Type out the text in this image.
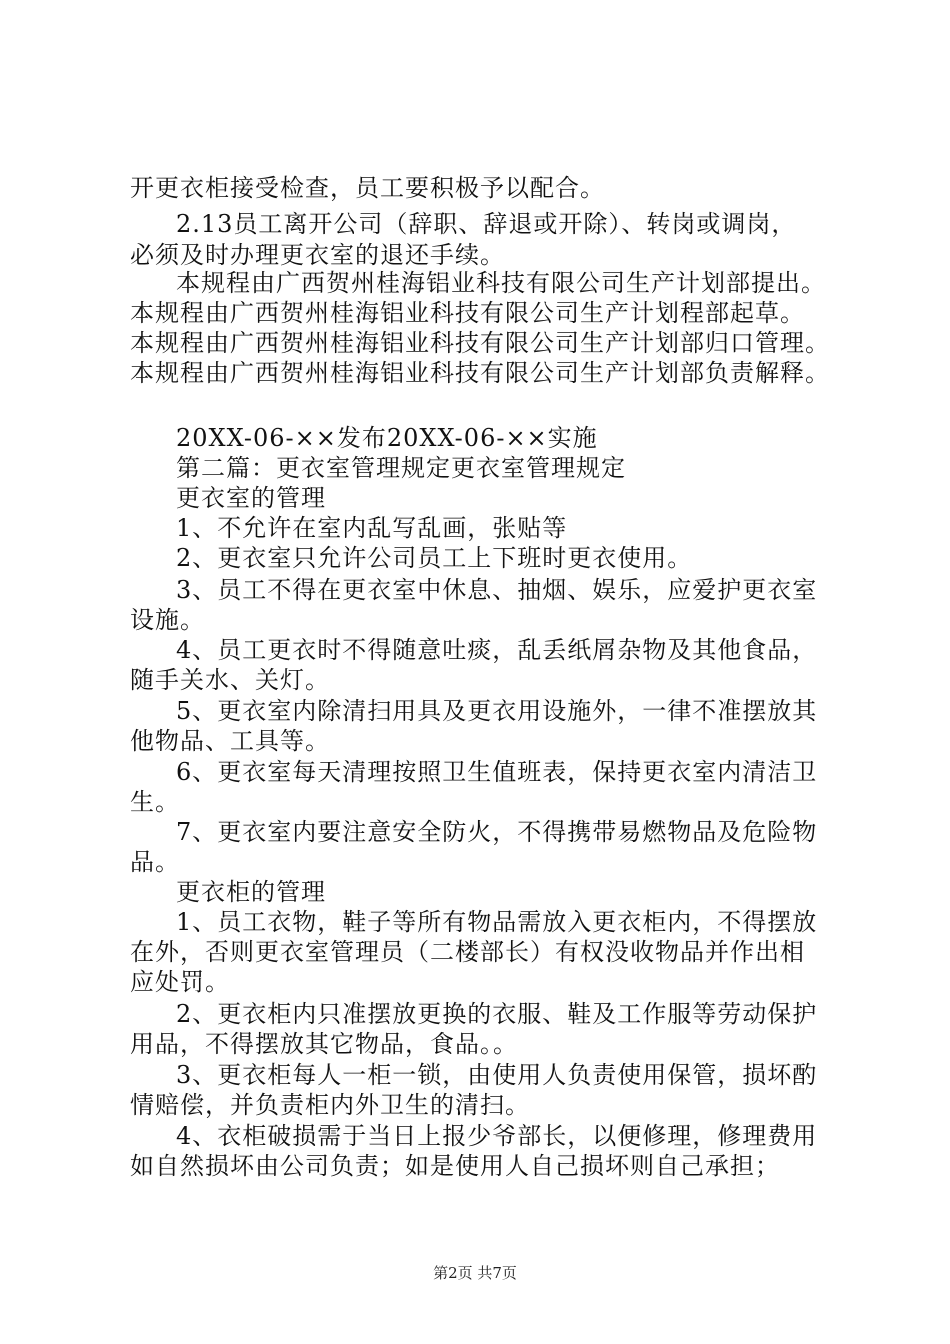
开更衣柜接受检查，员工要积极予以配合。
2.13员工离开公司（辞职、辞退或开除）、转岗或调岗，
必须及时办理更衣室的退还手续。
本规程由广西贺州桂海铝业科技有限公司生产计划部提出。
本规程由广西贺州桂海铝业科技有限公司生产计划程部起草。
本规程由广西贺州桂海铝业科技有限公司生产计划部归口管理。
本规程由广西贺州桂海铝业科技有限公司生产计划部负责解释。
20XX-06-××发布20XX-06-××实施
第二篇：更衣室管理规定更衣室管理规定
更衣室的管理
1、不允许在室内乱写乱画，张贴等
2、更衣室只允许公司员工上下班时更衣使用。
3、员工不得在更衣室中休息、抽烟、娱乐，应爱护更衣室
设施。
4、员工更衣时不得随意吐痰，乱丢纸屑杂物及其他食品，
随手关水、关灯。
5、更衣室内除清扫用具及更衣用设施外，一律不准摆放其
他物品、工具等。
6、更衣室每天清理按照卫生值班表，保持更衣室内清洁卫
生。
7、更衣室内要注意安全防火，不得携带易燃物品及危险物
品。
更衣柜的管理
1、员工衣物，鞋子等所有物品需放入更衣柜内，不得摆放
在外，否则更衣室管理员（二楼部长）有权没收物品并作出相
应处罚。
2、更衣柜内只准摆放更换的衣服、鞋及工作服等劳动保护
用品，不得摆放其它物品，食品。。
3、更衣柜每人一柜一锁，由使用人负责使用保管，损坏酌
情赔偿，并负责柜内外卫生的清扫。
4、衣柜破损需于当日上报少爷部长，以便修理，修理费用
如自然损坏由公司负责；如是使用人自己损坏则自己承担；
第2页 共7页
